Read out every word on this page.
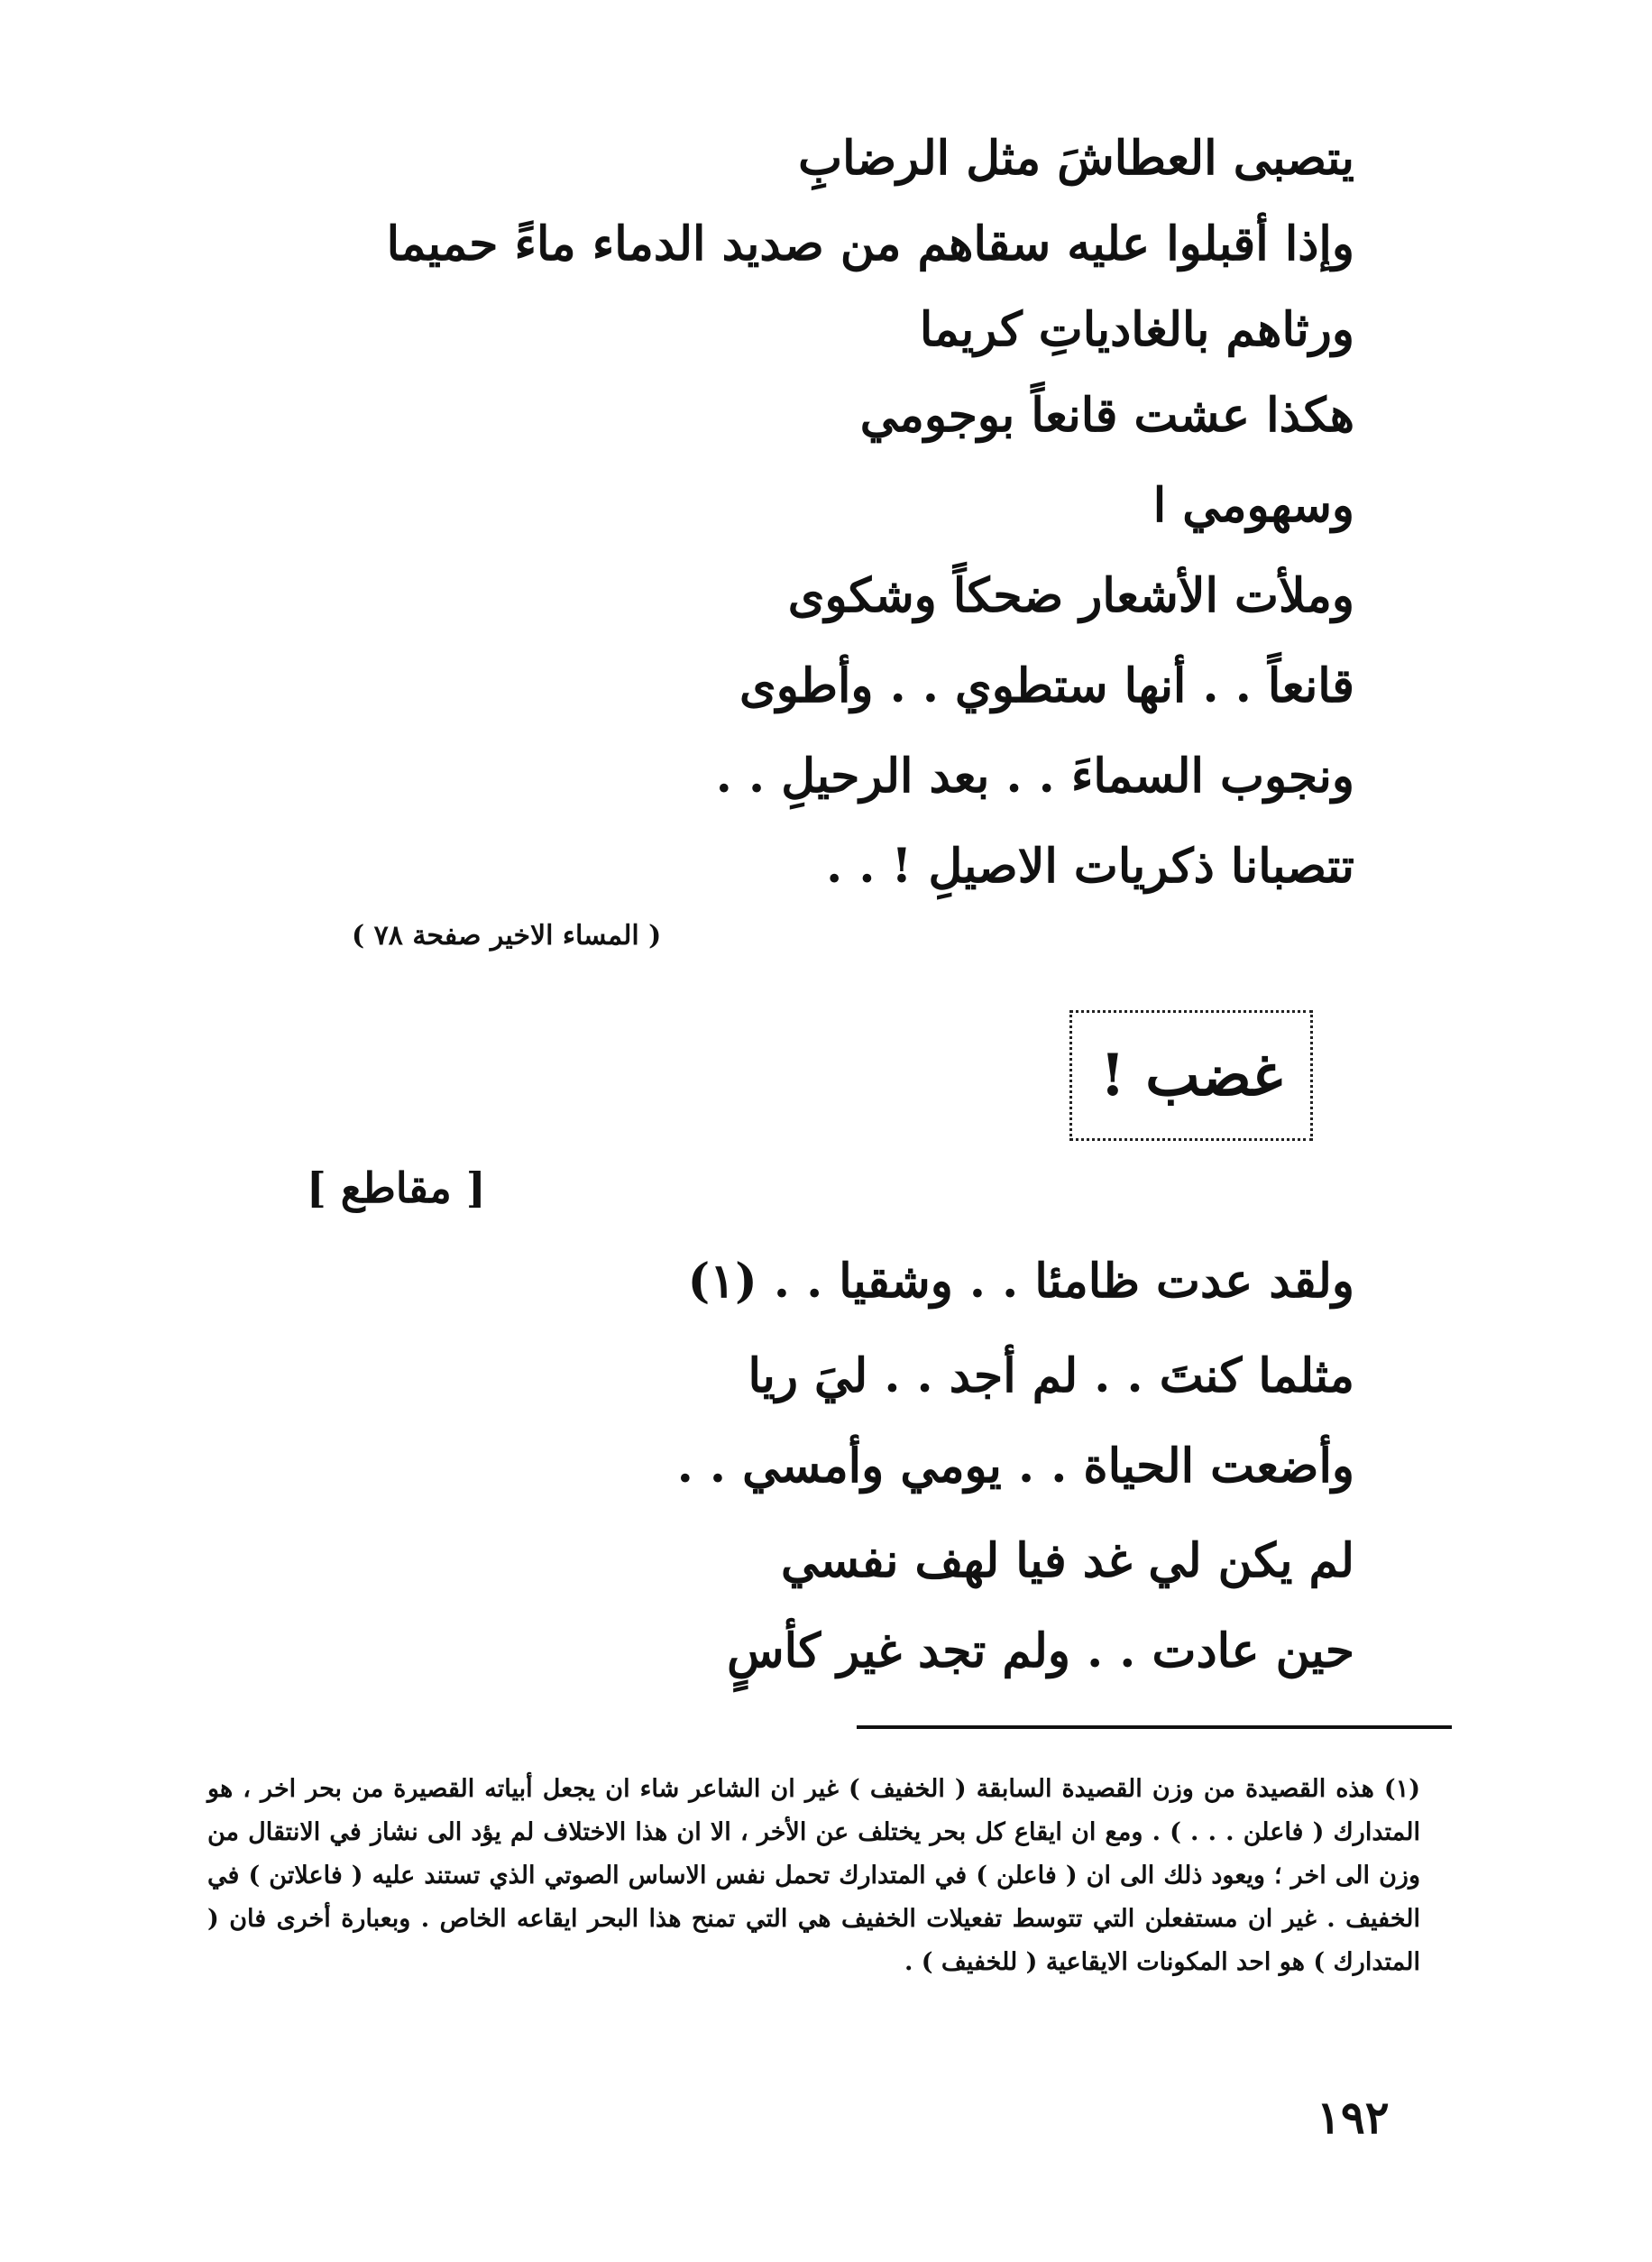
يتصبى العطاشَ مثل الرضابِ
وإذا أقبلوا عليه سقاهم من صديد الدماء ماءً حميما
ورثاهم بالغادياتِ كريما
هكذا عشت قانعاً بوجومي
وسهومي ا
وملأت الأشعار ضحكاً وشكوى
قانعاً . . أنها ستطوي . . وأطوى
ونجوب السماءَ . . بعد الرحيلِ . .
تتصبانا ذكريات الاصيلِ ! . .
( المساء الاخير صفحة ٧٨ )
غضب !
[ مقاطع ]
ولقد عدت ظامئا . . وشقيا . . (١)
مثلما كنتَ . . لم أجد . . ليَ ريا
وأضعت الحياة . . يومي وأمسي . .
لم يكن لي غد فيا لهف نفسي
حين عادت . . ولم تجد غير كأسٍ
(١) هذه القصيدة من وزن القصيدة السابقة ( الخفيف ) غير ان الشاعر شاء ان يجعل أبياته القصيرة من بحر اخر ، هو المتدارك ( فاعلن . . . ) . ومع ان ايقاع كل بحر يختلف عن الأخر ، الا ان هذا الاختلاف لم يؤد الى نشاز في الانتقال من وزن الى اخر ؛ ويعود ذلك الى ان ( فاعلن ) في المتدارك تحمل نفس الاساس الصوتي الذي تستند عليه ( فاعلاتن ) في الخفيف . غير ان مستفعلن التي تتوسط تفعيلات الخفيف هي التي تمنح هذا البحر ايقاعه الخاص . وبعبارة أخرى فان ( المتدارك ) هو احد المكونات الايقاعية ( للخفيف ) .
١٩٢
